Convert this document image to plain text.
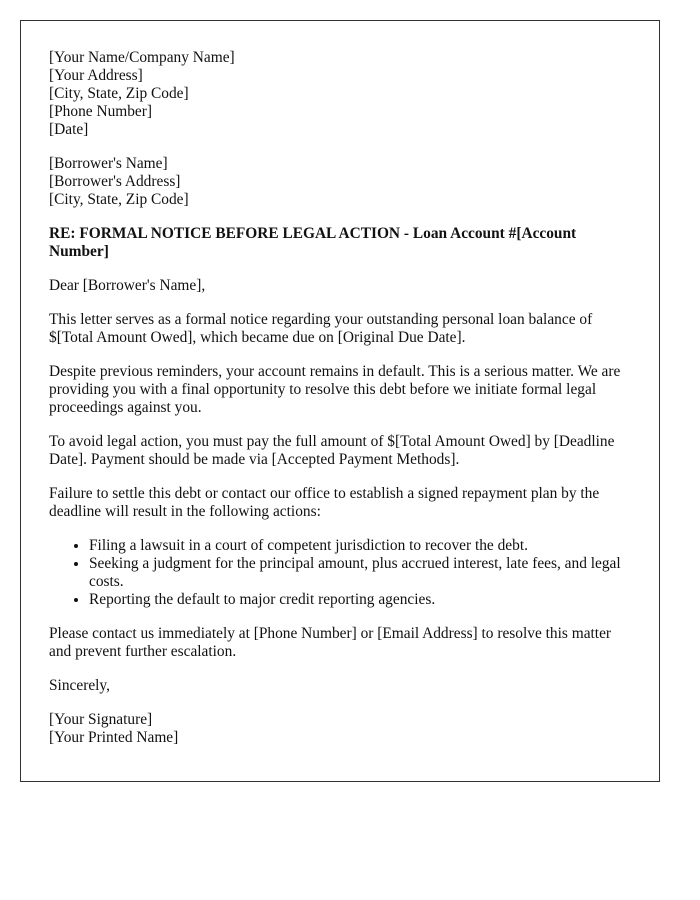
[Your Name/Company Name]
[Your Address]
[City, State, Zip Code]
[Phone Number]
[Date]
[Borrower's Name]
[Borrower's Address]
[City, State, Zip Code]
RE: FORMAL NOTICE BEFORE LEGAL ACTION - Loan Account #[Account Number]

Dear [Borrower's Name],

This letter serves as a formal notice regarding your outstanding personal loan balance of $[Total Amount Owed], which became due on [Original Due Date].

Despite previous reminders, your account remains in default. This is a serious matter. We are providing you with a final opportunity to resolve this debt before we initiate formal legal proceedings against you.

To avoid legal action, you must pay the full amount of $[Total Amount Owed] by [Deadline Date]. Payment should be made via [Accepted Payment Methods].

Failure to settle this debt or contact our office to establish a signed repayment plan by the deadline will result in the following actions:

• Filing a lawsuit in a court of competent jurisdiction to recover the debt.
• Seeking a judgment for the principal amount, plus accrued interest, late fees, and legal costs.
• Reporting the default to major credit reporting agencies.

Please contact us immediately at [Phone Number] or [Email Address] to resolve this matter and prevent further escalation.

Sincerely,

[Your Signature]
[Your Printed Name]
